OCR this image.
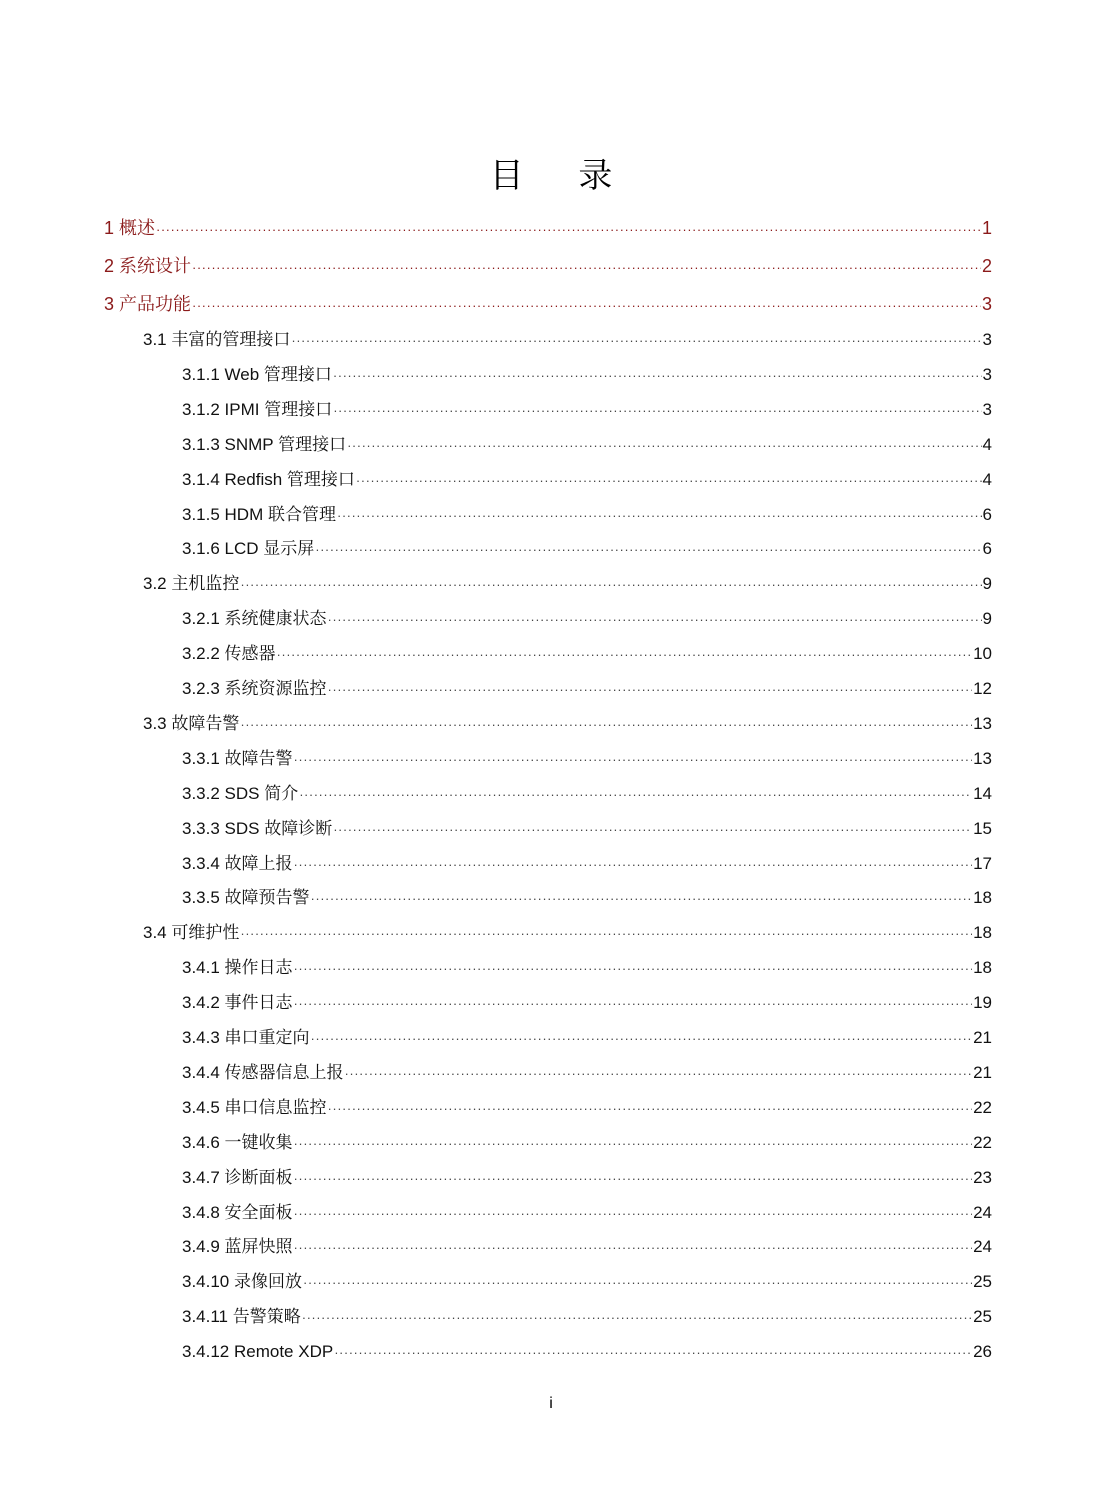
目 录
1 概述 ·····	1
2 系统设计 ·····	2
3 产品功能 ·····	3
3.1 丰富的管理接口 ·····	3
3.1.1 Web 管理接口 ·····	3
3.1.2 IPMI 管理接口 ·····	3
3.1.3 SNMP 管理接口 ·····	4
3.1.4 Redfish 管理接口 ·····	4
3.1.5 HDM 联合管理 ·····	6
3.1.6 LCD 显示屏 ·····	6
3.2 主机监控 ·····	9
3.2.1 系统健康状态 ·····	9
3.2.2 传感器 ·····	10
3.2.3 系统资源监控 ·····	12
3.3 故障告警 ·····	13
3.3.1 故障告警 ·····	13
3.3.2 SDS 简介 ·····	14
3.3.3 SDS 故障诊断 ·····	15
3.3.4 故障上报 ·····	17
3.3.5 故障预告警 ·····	18
3.4 可维护性 ·····	18
3.4.1 操作日志 ·····	18
3.4.2 事件日志 ·····	19
3.4.3 串口重定向 ·····	21
3.4.4 传感器信息上报 ·····	21
3.4.5 串口信息监控 ·····	22
3.4.6 一键收集 ·····	22
3.4.7 诊断面板 ·····	23
3.4.8 安全面板 ·····	24
3.4.9 蓝屏快照 ·····	24
3.4.10 录像回放 ·····	25
3.4.11 告警策略 ·····	25
3.4.12 Remote XDP ·····	26
i
